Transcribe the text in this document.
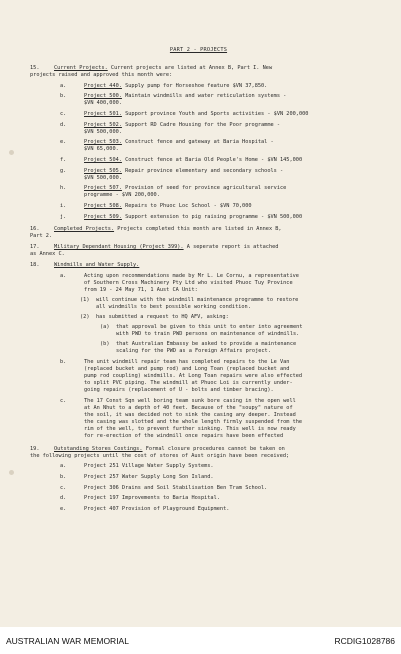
PART 2 - PROJECTS
15.	Current Projects. Current projects are listed at Annex B, Part I. New
projects raised and approved this month were:
a.	Project 440. Supply pump for Horseshoe feature $VN 37,850.
b.	Project 500. Maintain windmills and water reticulation systems -
$VN 400,000.
c.	Project 501. Support province Youth and Sports activities - $VN 200,000
d.	Project 502. Support RD Cadre Housing for the Poor programme -
$VN 500,000.
e.	Project 503. Construct fence and gateway at Baria Hospital -
$VN 65,000.
f.	Project 504. Construct fence at Baria Old People's Home - $VN 145,000
g.	Project 505. Repair province elementary and secondary schools -
$VN 500,000.
h.	Project 507. Provision of seed for province agricultural service
programme - $VN 200,000.
i.	Project 508. Repairs to Phuoc Loc School - $VN 70,000
j.	Project 509. Support extension to pig raising programme - $VN 500,000
16.	Completed Projects. Projects completed this month are listed in Annex B,
Part 2.
17.	Military Dependant Housing (Project 399). A seperate report is attached
as Annex C.
18.	Windmills and Water Supply.
a.	Acting upon recommendations made by Mr L. Le Cornu, a representative
of Southern Cross Machinery Pty Ltd who visited Phuoc Tuy Province
from 19 - 24 May 71, 1 Aust CA Unit:
(1)	will continue with the windmill maintenance programme to restore
all windmills to best possible working condition.
(2)	has submitted a request to HQ AFV, asking:
(a)	that approval be given to this unit to enter into agreement
with PWD to train PWD persons on maintenance of windmills.
(b)	that Australian Embassy be asked to provide a maintenance
scaling for the PWD as a Foreign Affairs project.
b.	The unit windmill repair team has completed repairs to the Le Van
(replaced bucket and pump rod) and Long Toan (replaced bucket and
pump rod coupling) windmills. At Long Toan repairs were also effected
to split PVC piping. The windmill at Phuoc Loi is currently under-
going repairs (replacement of U - bolts and timber bracing).
c.	The 17 Const Sqn well boring team sunk bore casing in the open well
at An Nhut to a depth of 40 feet. Because of the "soupy" nature of
the soil, it was decided not to sink the casing any deeper. Instead
the casing was slotted and the whole length firmly suspended from the
rim of the well, to prevent further sinking. This well is now ready
for re-erection of the windmill once repairs have been effected
19.	Outstanding Stores Costings. Formal closure procedures cannot be taken on
the following projects until the cost of stores of Aust origin have been received;
a.	Project 251 Village Water Supply Systems.
b.	Project 257 Water Supply Long Son Island.
c.	Project 306 Drains and Soil Stabilisation Ben Tram School.
d.	Project 197 Improvements to Baria Hospital.
e.	Project 407 Provision of Playground Equipment.
AUSTRALIAN WAR MEMORIAL	RCDIG1028786
